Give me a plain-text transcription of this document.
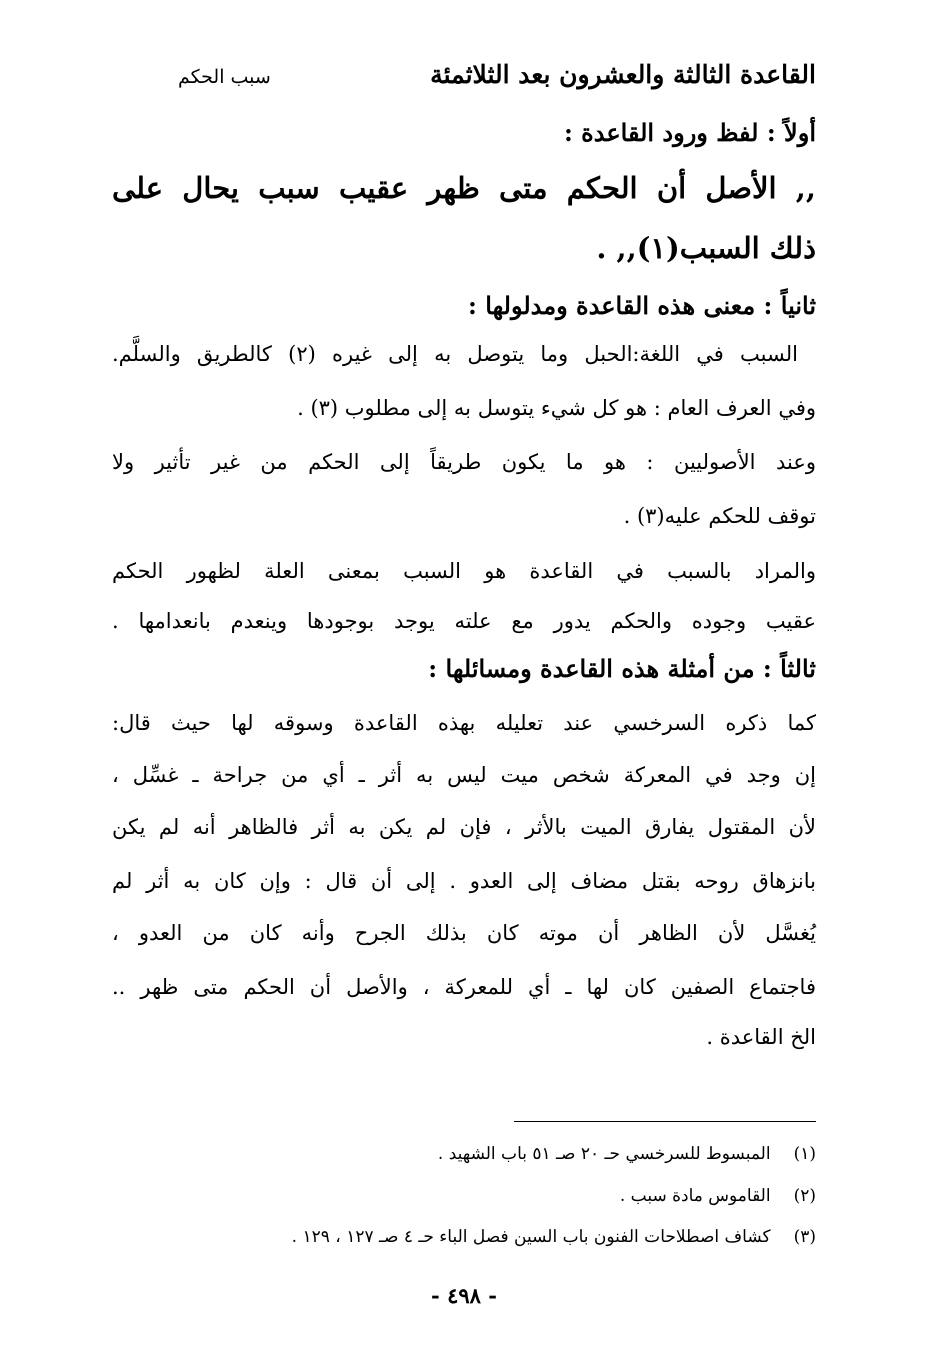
القاعدة الثالثة والعشرون بعد الثلاثمئة
سبب الحكم
أولاً : لفظ ورود القاعدة :
,, الأصل أن الحكم متى ظهر عقيب سبب يحال على
ذلك السبب(١),, .
ثانياً : معنى هذه القاعدة ومدلولها :
السبب في اللغة:الحبل وما يتوصل به إلى غيره (٢) كالطريق والسلَّم.
وفي العرف العام : هو كل شيء يتوسل به إلى مطلوب (٣) .
وعند الأصوليين : هو ما يكون طريقاً إلى الحكم من غير تأثير ولا
توقف للحكم عليه(٣) .
والمراد بالسبب في القاعدة هو السبب بمعنى العلة لظهور الحكم
عقيب وجوده والحكم يدور مع علته يوجد بوجودها وينعدم بانعدامها .
ثالثاً : من أمثلة هذه القاعدة ومسائلها :
كما ذكره السرخسي عند تعليله بهذه القاعدة وسوقه لها حيث قال:
إن وجد في المعركة شخص ميت ليس به أثر ـ أي من جراحة ـ غسِّل ،
لأن المقتول يفارق الميت بالأثر ، فإن لم يكن به أثر فالظاهر أنه لم يكن
بانزهاق روحه بقتل مضاف إلى العدو . إلى أن قال : وإن كان به أثر لم
يُغسَّل لأن الظاهر أن موته كان بذلك الجرح وأنه كان من العدو ،
فاجتماع الصفين كان لها ـ أي للمعركة ، والأصل أن الحكم متى ظهر ..
الخ القاعدة .
(١) المبسوط للسرخسي حـ ٢٠ صـ ٥١ باب الشهيد .
(٢) القاموس مادة سبب .
(٣) كشاف اصطلاحات الفنون باب السين فصل الباء حـ ٤ صـ ١٢٧ ، ١٢٩ .
- ٤٩٨ -
